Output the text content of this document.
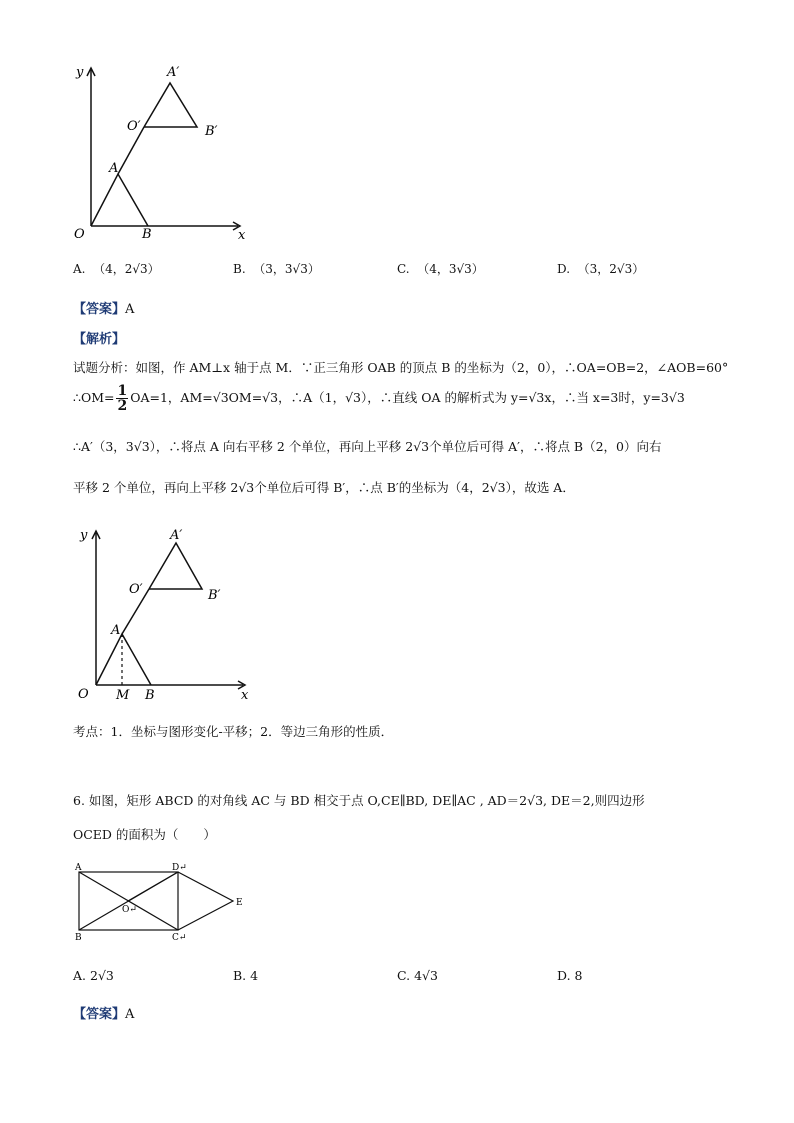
y
x
O	B
A
O′
A′
B′
A. （4，2√3）	B. （3，3√3）	C. （4，3√3）	D. （3，2√3）
【答案】A
【解析】
试题分析：如图，作 AM⊥x 轴于点 M．∵正三角形 OAB 的顶点 B 的坐标为（2，0），∴OA=OB=2，∠AOB=60°
∴OM= $\frac{1}{2} OA=1$，AM=√3OM=√3，∴A（1，√3），∴直线 OA 的解析式为 y=√3x，∴当 x=3时，y=3√3
∴A′（3，3√3），∴将点 A 向右平移 2 个单位，再向上平移 2√3个单位后可得 A′，∴将点 B（2，0）向右
平移 2 个单位，再向上平移 2√3个单位后可得 B′，∴点 B′的坐标为（4，2√3），故选 A．
y
x
O M B
A
O′
A′
B′
考点：1．坐标与图形变化-平移；2．等边三角形的性质．
6. 如图，矩形 ABCD 的对角线 AC 与 BD 相交于点 O,CE∥BD, DE∥AC , AD＝2√3, DE＝2,则四边形
OCED 的面积为（　　）
A	D↵
B	C↵
O↵
E
A. 2√3	B. 4	C. 4√3	D. 8
【答案】A
